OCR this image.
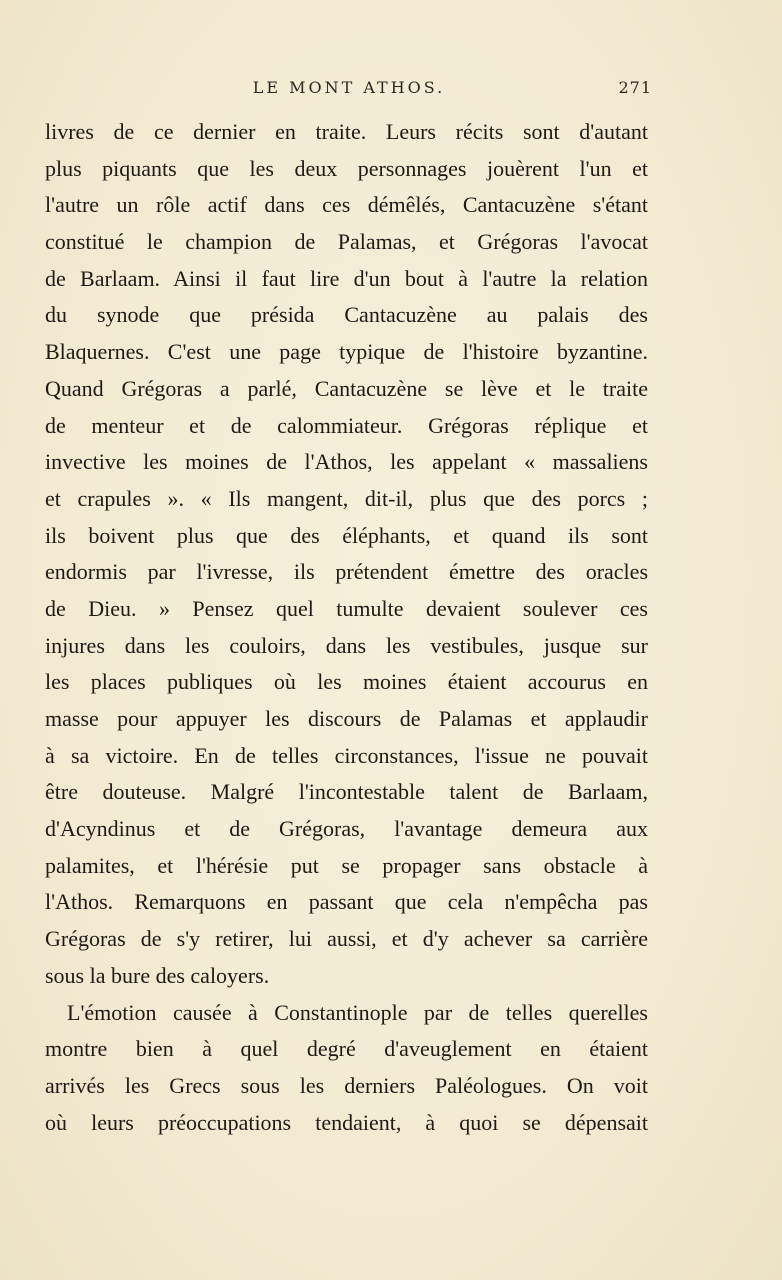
LE MONT ATHOS.	271
livres de ce dernier en traite. Leurs récits sont d'autant
plus piquants que les deux personnages jouèrent l'un et
l'autre un rôle actif dans ces démêlés, Cantacuzène s'étant
constitué le champion de Palamas, et Grégoras l'avocat
de Barlaam. Ainsi il faut lire d'un bout à l'autre la relation
du synode que présida Cantacuzène au palais des
Blaquernes. C'est une page typique de l'histoire byzantine.
Quand Grégoras a parlé, Cantacuzène se lève et le traite
de menteur et de calommiateur. Grégoras réplique et
invective les moines de l'Athos, les appelant « massaliens
et crapules ». « Ils mangent, dit-il, plus que des porcs ;
ils boivent plus que des éléphants, et quand ils sont
endormis par l'ivresse, ils prétendent émettre des oracles
de Dieu. » Pensez quel tumulte devaient soulever ces
injures dans les couloirs, dans les vestibules, jusque sur
les places publiques où les moines étaient accourus en
masse pour appuyer les discours de Palamas et applaudir
à sa victoire. En de telles circonstances, l'issue ne pouvait
être douteuse. Malgré l'incontestable talent de Barlaam,
d'Acyndinus et de Grégoras, l'avantage demeura aux
palamites, et l'hérésie put se propager sans obstacle à
l'Athos. Remarquons en passant que cela n'empêcha pas
Grégoras de s'y retirer, lui aussi, et d'y achever sa carrière
sous la bure des caloyers.
L'émotion causée à Constantinople par de telles querelles
montre bien à quel degré d'aveuglement en étaient
arrivés les Grecs sous les derniers Paléologues. On voit
où leurs préoccupations tendaient, à quoi se dépensait
